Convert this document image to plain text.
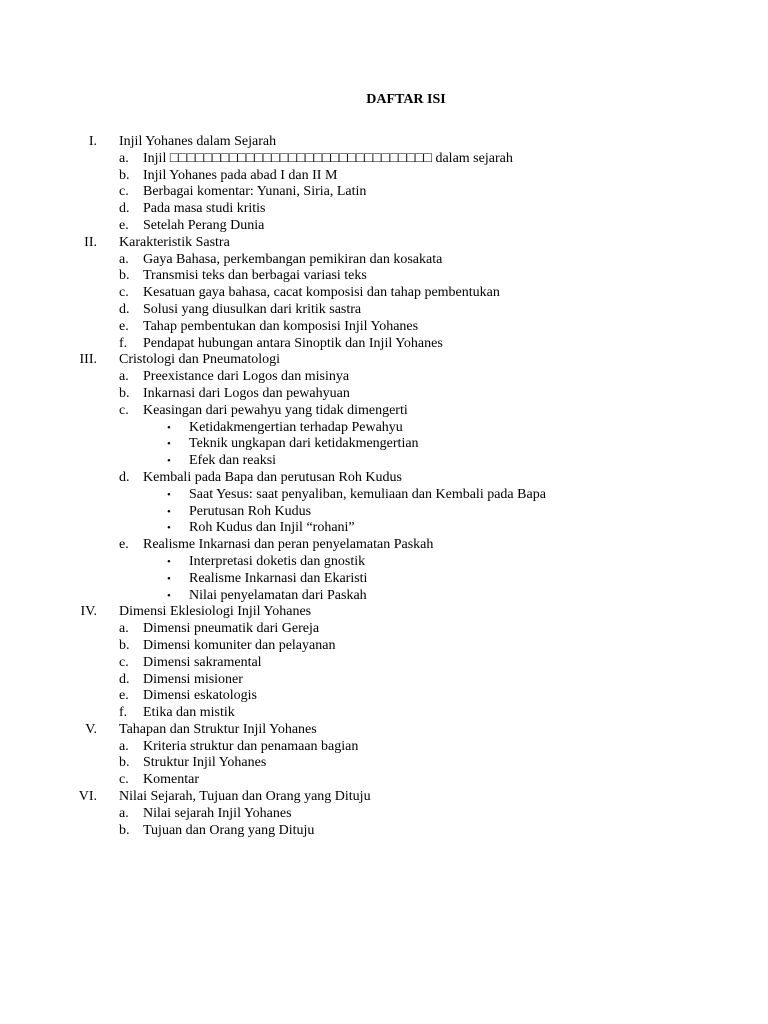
DAFTAR ISI
I. Injil Yohanes dalam Sejarah
a. Injil □□□□□□□□□□□□□□□□□□□□□□□□□□□□□□□ dalam sejarah
b. Injil Yohanes pada abad I dan II M
c. Berbagai komentar: Yunani, Siria, Latin
d. Pada masa studi kritis
e. Setelah Perang Dunia
II. Karakteristik Sastra
a. Gaya Bahasa, perkembangan pemikiran dan kosakata
b. Transmisi teks dan berbagai variasi teks
c. Kesatuan gaya bahasa, cacat komposisi dan tahap pembentukan
d. Solusi yang diusulkan dari kritik sastra
e. Tahap pembentukan dan komposisi Injil Yohanes
f. Pendapat hubungan antara Sinoptik dan Injil Yohanes
III. Cristologi dan Pneumatologi
a. Preexistance dari Logos dan misinya
b. Inkarnasi dari Logos dan pewahyuan
c. Keasingan dari pewahyu yang tidak dimengerti
• Ketidakmengertian terhadap Pewahyu
• Teknik ungkapan dari ketidakmengertian
• Efek dan reaksi
d. Kembali pada Bapa dan perutusan Roh Kudus
• Saat Yesus: saat penyaliban, kemuliaan dan Kembali pada Bapa
• Perutusan Roh Kudus
• Roh Kudus dan Injil “rohani”
e. Realisme Inkarnasi dan peran penyelamatan Paskah
• Interpretasi doketis dan gnostik
• Realisme Inkarnasi dan Ekaristi
• Nilai penyelamatan dari Paskah
IV. Dimensi Eklesiologi Injil Yohanes
a. Dimensi pneumatik dari Gereja
b. Dimensi komuniter dan pelayanan
c. Dimensi sakramental
d. Dimensi misioner
e. Dimensi eskatologis
f. Etika dan mistik
V. Tahapan dan Struktur Injil Yohanes
a. Kriteria struktur dan penamaan bagian
b. Struktur Injil Yohanes
c. Komentar
VI. Nilai Sejarah, Tujuan dan Orang yang Dituju
a. Nilai sejarah Injil Yohanes
b. Tujuan dan Orang yang Dituju
